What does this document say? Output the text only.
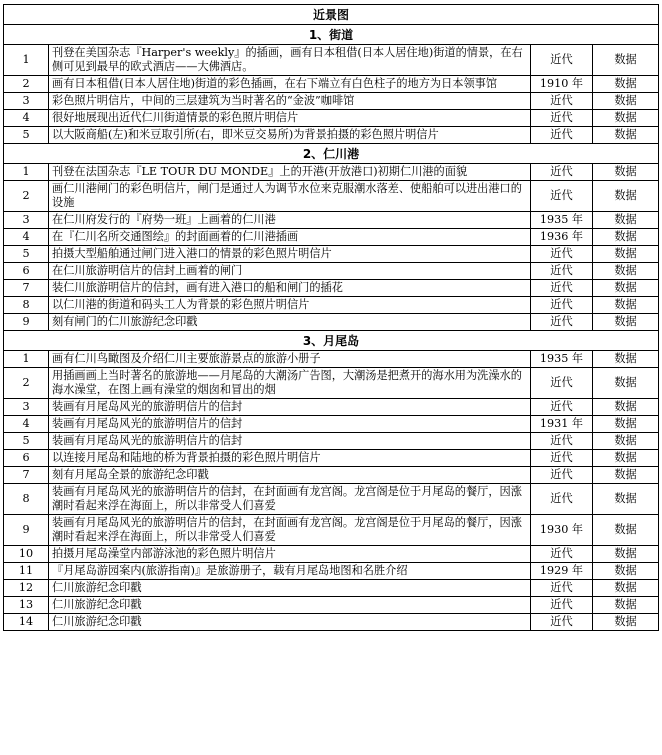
近景图			
1、街道			
1	刊登在美国杂志『Harper's weekly』的插画，画有日本租借(日本人居住地)街道的情景，在右侧可见到最早的欧式酒店——大佛酒店。	近代	数据
2	画有日本租借(日本人居住地)街道的彩色插画，在右下端立有白色柱子的地方为日本领事馆	1910 年	数据
3	彩色照片明信片，中间的三层建筑为当时著名的“金波”咖啡馆	近代	数据
4	很好地展现出近代仁川街道情景的彩色照片明信片	近代	数据
5	以大阪商船(左)和米豆取引所(右，即米豆交易所)为背景拍摄的彩色照片明信片	近代	数据
2、仁川港			
1	刊登在法国杂志『LE TOUR DU MONDE』上的开港(开放港口)初期仁川港的面貌	近代	数据
2	画仁川港闸门的彩色明信片，闸门是通过人为调节水位来克服潮水落差、使船舶可以进出港口的设施	近代	数据
3	在仁川府发行的『府势一班』上画着的仁川港	1935 年	数据
4	在『仁川名所交通图绘』的封面画着的仁川港插画	1936 年	数据
5	拍摄大型船舶通过闸门进入港口的情景的彩色照片明信片	近代	数据
6	在仁川旅游明信片的信封上画着的闸门	近代	数据
7	装仁川旅游明信片的信封，画有进入港口的船和闸门的插花	近代	数据
8	以仁川港的街道和码头工人为背景的彩色照片明信片	近代	数据
9	刻有闸门的仁川旅游纪念印戳	近代	数据
3、月尾岛			
1	画有仁川鸟瞰图及介绍仁川主要旅游景点的旅游小册子	1935 年	数据
2	用插画画上当时著名的旅游地——月尾岛的大潮汤广告图，大潮汤是把煮开的海水用为洗澡水的海水澡堂，在图上画有澡堂的烟囱和冒出的烟	近代	数据
3	装画有月尾岛风光的旅游明信片的信封	近代	数据
4	装画有月尾岛风光的旅游明信片的信封	1931 年	数据
5	装画有月尾岛风光的旅游明信片的信封	近代	数据
6	以连接月尾岛和陆地的桥为背景拍摄的彩色照片明信片	近代	数据
7	刻有月尾岛全景的旅游纪念印戳	近代	数据
8	装画有月尾岛风光的旅游明信片的信封，在封面画有龙宫阁。龙宫阁是位于月尾岛的餐厅，因涨潮时看起来浮在海面上，所以非常受人们喜爱	近代	数据
9	装画有月尾岛风光的旅游明信片的信封，在封面画有龙宫阁。龙宫阁是位于月尾岛的餐厅，因涨潮时看起来浮在海面上，所以非常受人们喜爱	1930 年	数据
10	拍摄月尾岛澡堂内部游泳池的彩色照片明信片	近代	数据
11	『月尾岛游园案内(旅游指南)』是旅游册子，载有月尾岛地图和名胜介绍	1929 年	数据
12	仁川旅游纪念印戳	近代	数据
13	仁川旅游纪念印戳	近代	数据
14	仁川旅游纪念印戳	近代	数据
